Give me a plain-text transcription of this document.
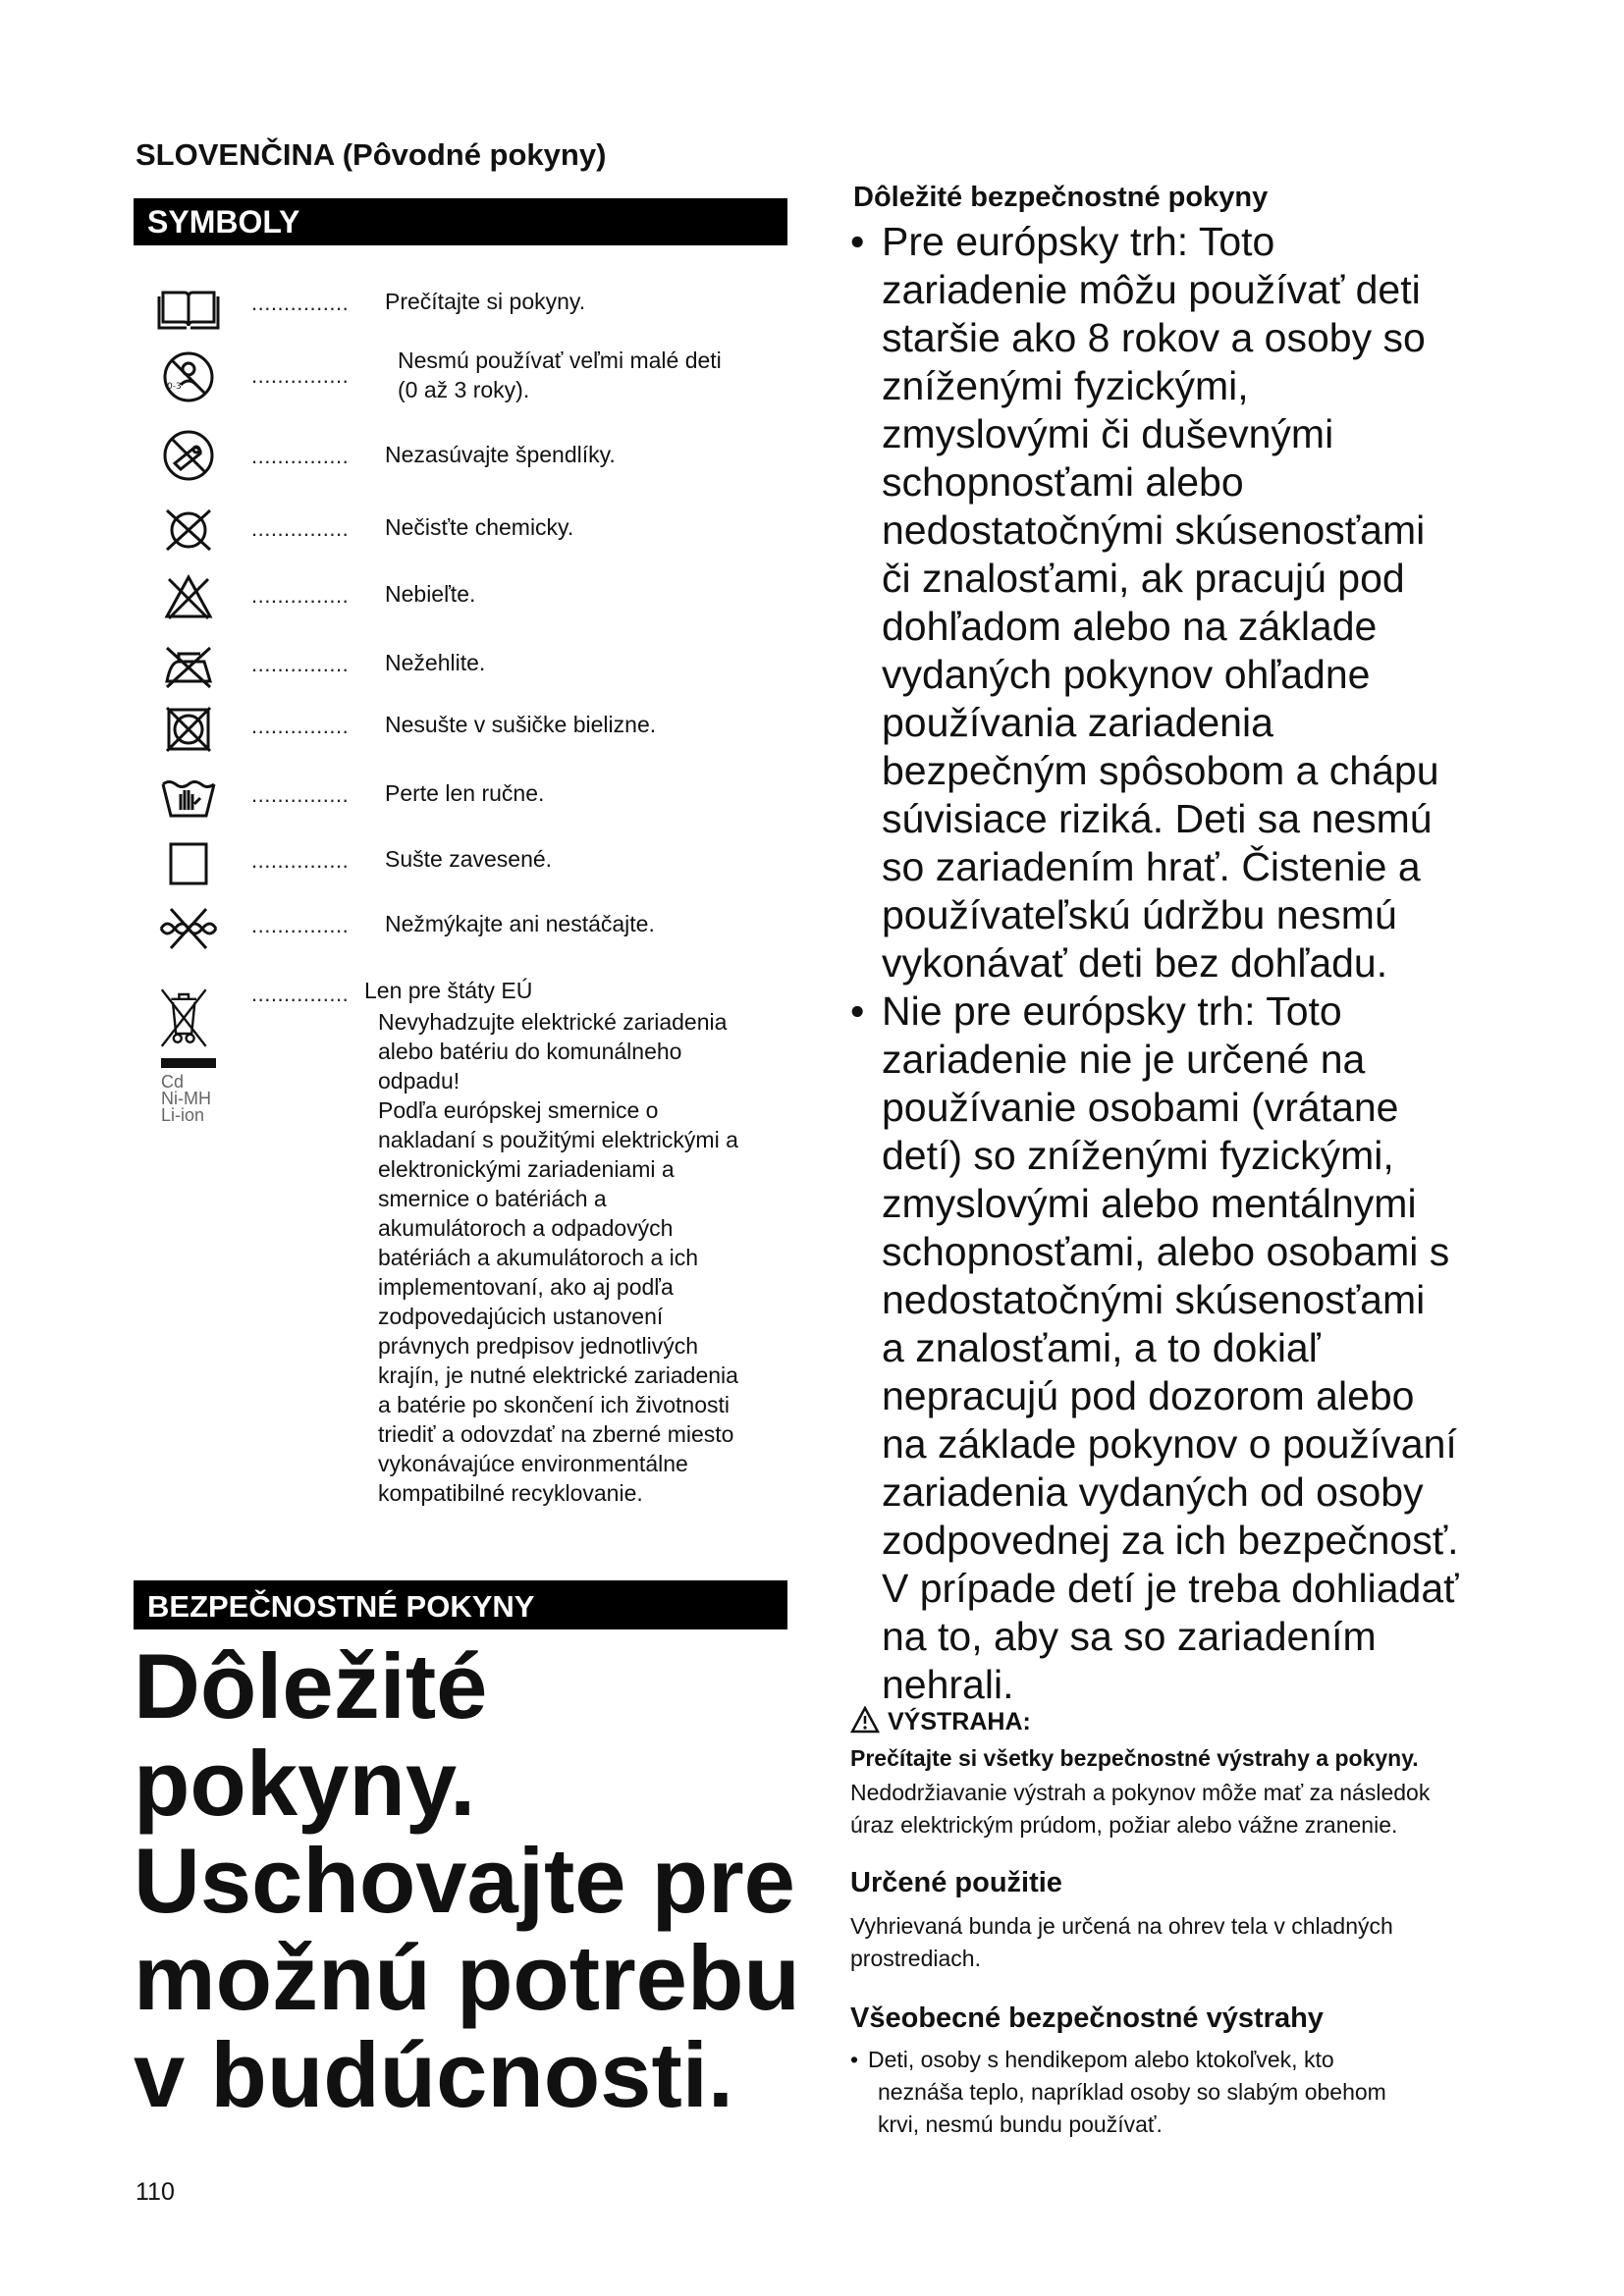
SLOVENČINA (Pôvodné pokyny)
SYMBOLY
............... Prečítajte si pokyny.
0-3	...............
Nesmú používať veľmi malé deti
(0 až 3 roky).
............... Nezasúvajte špendlíky.
............... Nečisťte chemicky.
............... Nebieľte.
............... Nežehlite.
............... Nesušte v sušičke bielizne.
............... Perte len ručne.
............... Sušte zavesené.
............... Nežmýkajte ani nestáčajte.
Cd
Ni-MH
Li-ion
............... Len pre štáty EÚ
Nevyhadzujte elektrické zariadenia
alebo batériu do komunálneho
odpadu!
Podľa európskej smernice o
nakladaní s použitými elektrickými a
elektronickými zariadeniami a
smernice o batériách a
akumulátoroch a odpadových
batériách a akumulátoroch a ich
implementovaní, ako aj podľa
zodpovedajúcich ustanovení
právnych predpisov jednotlivých
krajín, je nutné elektrické zariadenia
a batérie po skončení ich životnosti
triediť a odovzdať na zberné miesto
vykonávajúce environmentálne
kompatibilné recyklovanie.
BEZPEČNOSTNÉ POKYNY
Dôležité
pokyny.
Uschovajte pre
možnú potrebu
v budúcnosti.
110
Dôležité bezpečnostné pokyny
• Pre európsky trh: Toto
zariadenie môžu používať deti
staršie ako 8 rokov a osoby so
zníženými fyzickými,
zmyslovými či duševnými
schopnosťami alebo
nedostatočnými skúsenosťami
či znalosťami, ak pracujú pod
dohľadom alebo na základe
vydaných pokynov ohľadne
používania zariadenia
bezpečným spôsobom a chápu
súvisiace riziká. Deti sa nesmú
so zariadením hrať. Čistenie a
používateľskú údržbu nesmú
vykonávať deti bez dohľadu.
• Nie pre európsky trh: Toto
zariadenie nie je určené na
používanie osobami (vrátane
detí) so zníženými fyzickými,
zmyslovými alebo mentálnymi
schopnosťami, alebo osobami s
nedostatočnými skúsenosťami
a znalosťami, a to dokiaľ
nepracujú pod dozorom alebo
na základe pokynov o používaní
zariadenia vydaných od osoby
zodpovednej za ich bezpečnosť.
V prípade detí je treba dohliadať
na to, aby sa so zariadením
nehrali.
VÝSTRAHA:
Prečítajte si všetky bezpečnostné výstrahy a pokyny.
Nedodržiavanie výstrah a pokynov môže mať za následok
úraz elektrickým prúdom, požiar alebo vážne zranenie.
Určené použitie
Vyhrievaná bunda je určená na ohrev tela v chladných
prostrediach.
Všeobecné bezpečnostné výstrahy
• Deti, osoby s hendikepom alebo ktokoľvek, kto
neznáša teplo, napríklad osoby so slabým obehom
krvi, nesmú bundu používať.
